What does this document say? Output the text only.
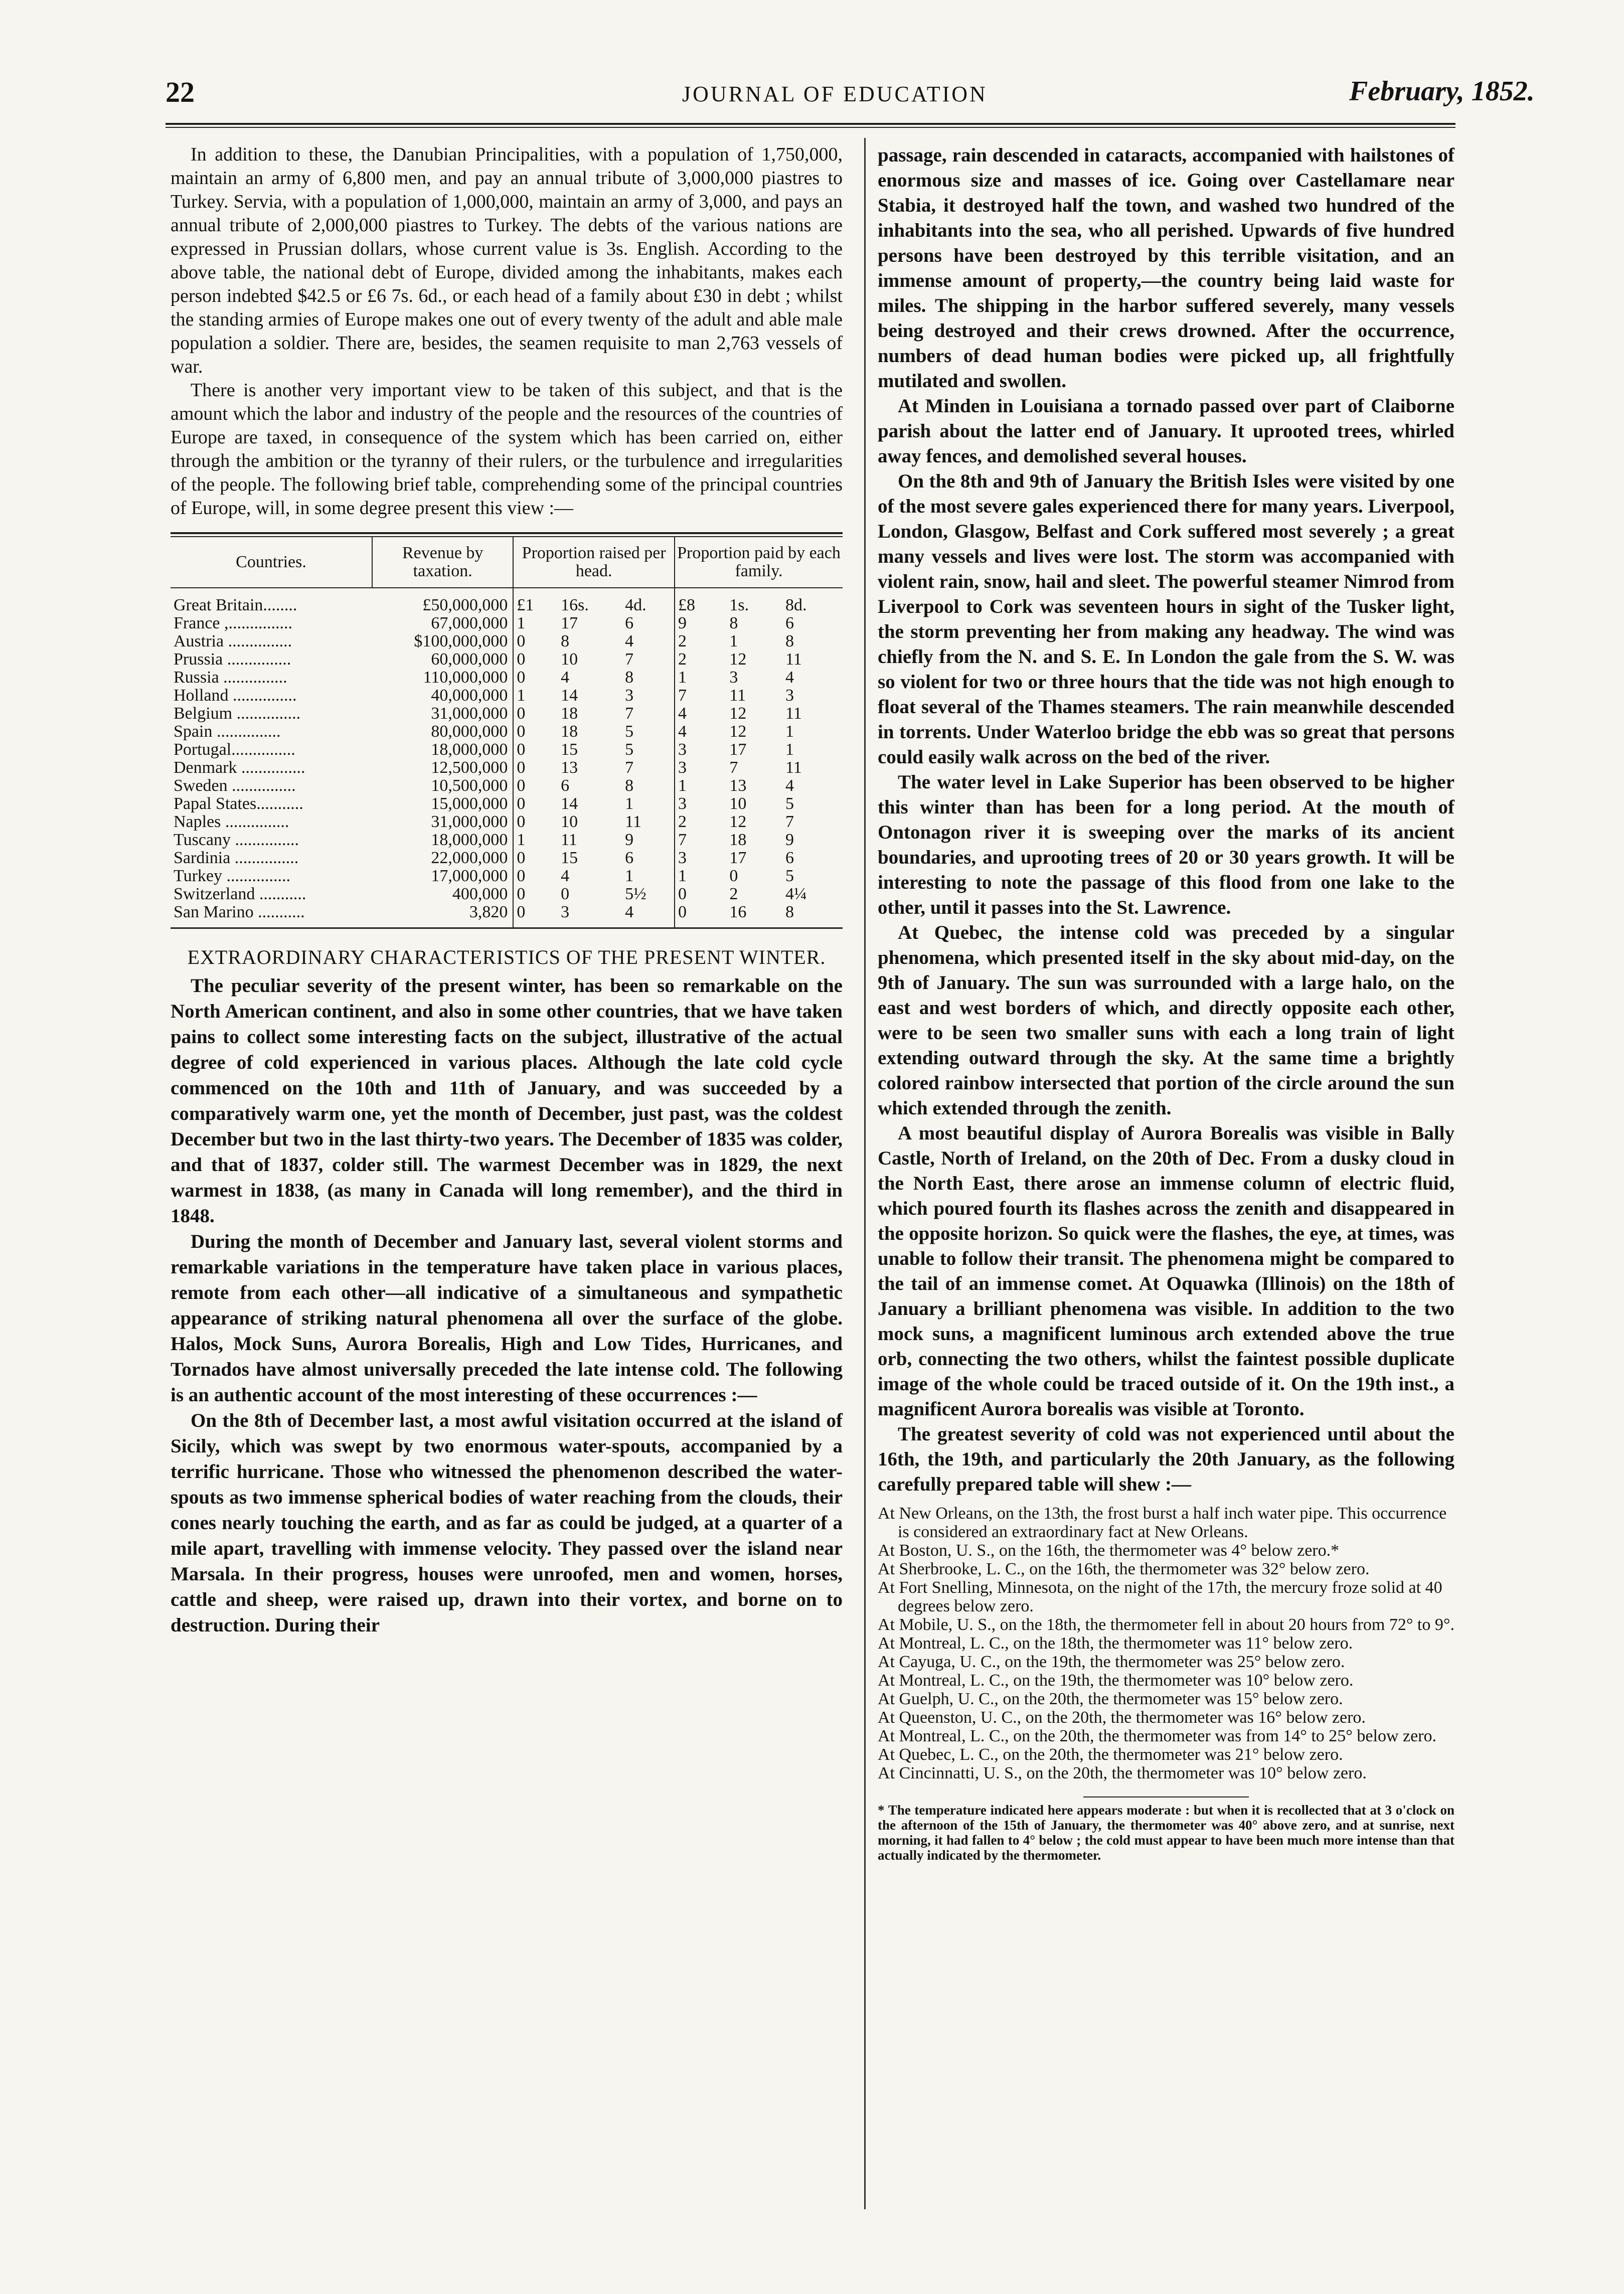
22	JOURNAL OF EDUCATION	February, 1852.

In addition to these, the Danubian Principalities, with a population of 1,750,000, maintain an army of 6,800 men, and pay an annual tribute of 3,000,000 piastres to Turkey. Servia, with a population of 1,000,000, maintain an army of 3,000, and pays an annual tribute of 2,000,000 piastres to Turkey. The debts of the various nations are expressed in Prussian dollars, whose current value is 3s. English. According to the above table, the national debt of Europe, divided among the inhabitants, makes each person indebted $42.5 or £6 7s. 6d., or each head of a family about £30 in debt ; whilst the standing armies of Europe makes one out of every twenty of the adult and able male population a soldier. There are, besides, the seamen requisite to man 2,763 vessels of war.

There is another very important view to be taken of this subject, and that is the amount which the labor and industry of the people and the resources of the countries of Europe are taxed, in consequence of the system which has been carried on, either through the ambition or the tyranny of their rulers, or the turbulence and irregularities of the people. The following brief table, comprehending some of the principal countries of Europe, will, in some degree present this view :—

Countries.	Revenue by taxation.	Proportion raised per head.			Proportion paid by each family.		
Great Britain........	£50,000,000	£1	16s.	4d.	£8	1s.	8d.
France ,...............	67,000,000	1	17	6	9	8	6
Austria ...............	$100,000,000	0	8	4	2	1	8
Prussia ...............	60,000,000	0	10	7	2	12	11
Russia ...............	110,000,000	0	4	8	1	3	4
Holland ...............	40,000,000	1	14	3	7	11	3
Belgium ...............	31,000,000	0	18	7	4	12	11
Spain ...............	80,000,000	0	18	5	4	12	1
Portugal...............	18,000,000	0	15	5	3	17	1
Denmark ...............	12,500,000	0	13	7	3	7	11
Sweden ...............	10,500,000	0	6	8	1	13	4
Papal States...........	15,000,000	0	14	1	3	10	5
Naples ...............	31,000,000	0	10	11	2	12	7
Tuscany ...............	18,000,000	1	11	9	7	18	9
Sardinia ...............	22,000,000	0	15	6	3	17	6
Turkey ...............	17,000,000	0	4	1	1	0	5
Switzerland ...........	400,000	0	0	5½	0	2	4¼
San Marino ...........	3,820	0	3	4	0	16	8
EXTRAORDINARY CHARACTERISTICS OF THE PRESENT WINTER.

The peculiar severity of the present winter, has been so remarkable on the North American continent, and also in some other countries, that we have taken pains to collect some interesting facts on the subject, illustrative of the actual degree of cold experienced in various places. Although the late cold cycle commenced on the 10th and 11th of January, and was succeeded by a comparatively warm one, yet the month of December, just past, was the coldest December but two in the last thirty-two years. The December of 1835 was colder, and that of 1837, colder still. The warmest December was in 1829, the next warmest in 1838, (as many in Canada will long remember), and the third in 1848.

During the month of December and January last, several violent storms and remarkable variations in the temperature have taken place in various places, remote from each other—all indicative of a simultaneous and sympathetic appearance of striking natural phenomena all over the surface of the globe. Halos, Mock Suns, Aurora Borealis, High and Low Tides, Hurricanes, and Tornados have almost universally preceded the late intense cold. The following is an authentic account of the most interesting of these occurrences :—

On the 8th of December last, a most awful visitation occurred at the island of Sicily, which was swept by two enormous water-spouts, accompanied by a terrific hurricane. Those who witnessed the phenomenon described the water-spouts as two immense spherical bodies of water reaching from the clouds, their cones nearly touching the earth, and as far as could be judged, at a quarter of a mile apart, travelling with immense velocity. They passed over the island near Marsala. In their progress, houses were unroofed, men and women, horses, cattle and sheep, were raised up, drawn into their vortex, and borne on to destruction. During their

passage, rain descended in cataracts, accompanied with hailstones of enormous size and masses of ice. Going over Castellamare near Stabia, it destroyed half the town, and washed two hundred of the inhabitants into the sea, who all perished. Upwards of five hundred persons have been destroyed by this terrible visitation, and an immense amount of property,—the country being laid waste for miles. The shipping in the harbor suffered severely, many vessels being destroyed and their crews drowned. After the occurrence, numbers of dead human bodies were picked up, all frightfully mutilated and swollen.

At Minden in Louisiana a tornado passed over part of Claiborne parish about the latter end of January. It uprooted trees, whirled away fences, and demolished several houses.

On the 8th and 9th of January the British Isles were visited by one of the most severe gales experienced there for many years. Liverpool, London, Glasgow, Belfast and Cork suffered most severely ; a great many vessels and lives were lost. The storm was accompanied with violent rain, snow, hail and sleet. The powerful steamer Nimrod from Liverpool to Cork was seventeen hours in sight of the Tusker light, the storm preventing her from making any headway. The wind was chiefly from the N. and S. E. In London the gale from the S. W. was so violent for two or three hours that the tide was not high enough to float several of the Thames steamers. The rain meanwhile descended in torrents. Under Waterloo bridge the ebb was so great that persons could easily walk across on the bed of the river.

The water level in Lake Superior has been observed to be higher this winter than has been for a long period. At the mouth of Ontonagon river it is sweeping over the marks of its ancient boundaries, and uprooting trees of 20 or 30 years growth. It will be interesting to note the passage of this flood from one lake to the other, until it passes into the St. Lawrence.

At Quebec, the intense cold was preceded by a singular phenomena, which presented itself in the sky about mid-day, on the 9th of January. The sun was surrounded with a large halo, on the east and west borders of which, and directly opposite each other, were to be seen two smaller suns with each a long train of light extending outward through the sky. At the same time a brightly colored rainbow intersected that portion of the circle around the sun which extended through the zenith.

A most beautiful display of Aurora Borealis was visible in Bally Castle, North of Ireland, on the 20th of Dec. From a dusky cloud in the North East, there arose an immense column of electric fluid, which poured fourth its flashes across the zenith and disappeared in the opposite horizon. So quick were the flashes, the eye, at times, was unable to follow their transit. The phenomena might be compared to the tail of an immense comet. At Oquawka (Illinois) on the 18th of January a brilliant phenomena was visible. In addition to the two mock suns, a magnificent luminous arch extended above the true orb, connecting the two others, whilst the faintest possible duplicate image of the whole could be traced outside of it. On the 19th inst., a magnificent Aurora borealis was visible at Toronto.

The greatest severity of cold was not experienced until about the 16th, the 19th, and particularly the 20th January, as the following carefully prepared table will shew :—

At New Orleans, on the 13th, the frost burst a half inch water pipe. This occurrence is considered an extraordinary fact at New Orleans.
At Boston, U. S., on the 16th, the thermometer was 4° below zero.*
At Sherbrooke, L. C., on the 16th, the thermometer was 32° below zero.
At Fort Snelling, Minnesota, on the night of the 17th, the mercury froze solid at 40 degrees below zero.
At Mobile, U. S., on the 18th, the thermometer fell in about 20 hours from 72° to 9°.
At Montreal, L. C., on the 18th, the thermometer was 11° below zero.
At Cayuga, U. C., on the 19th, the thermometer was 25° below zero.
At Montreal, L. C., on the 19th, the thermometer was 10° below zero.
At Guelph, U. C., on the 20th, the thermometer was 15° below zero.
At Queenston, U. C., on the 20th, the thermometer was 16° below zero.
At Montreal, L. C., on the 20th, the thermometer was from 14° to 25° below zero.
At Quebec, L. C., on the 20th, the thermometer was 21° below zero.
At Cincinnatti, U. S., on the 20th, the thermometer was 10° below zero.
* The temperature indicated here appears moderate : but when it is recollected that at 3 o'clock on the afternoon of the 15th of January, the thermometer was 40° above zero, and at sunrise, next morning, it had fallen to 4° below ; the cold must appear to have been much more intense than that actually indicated by the thermometer.
